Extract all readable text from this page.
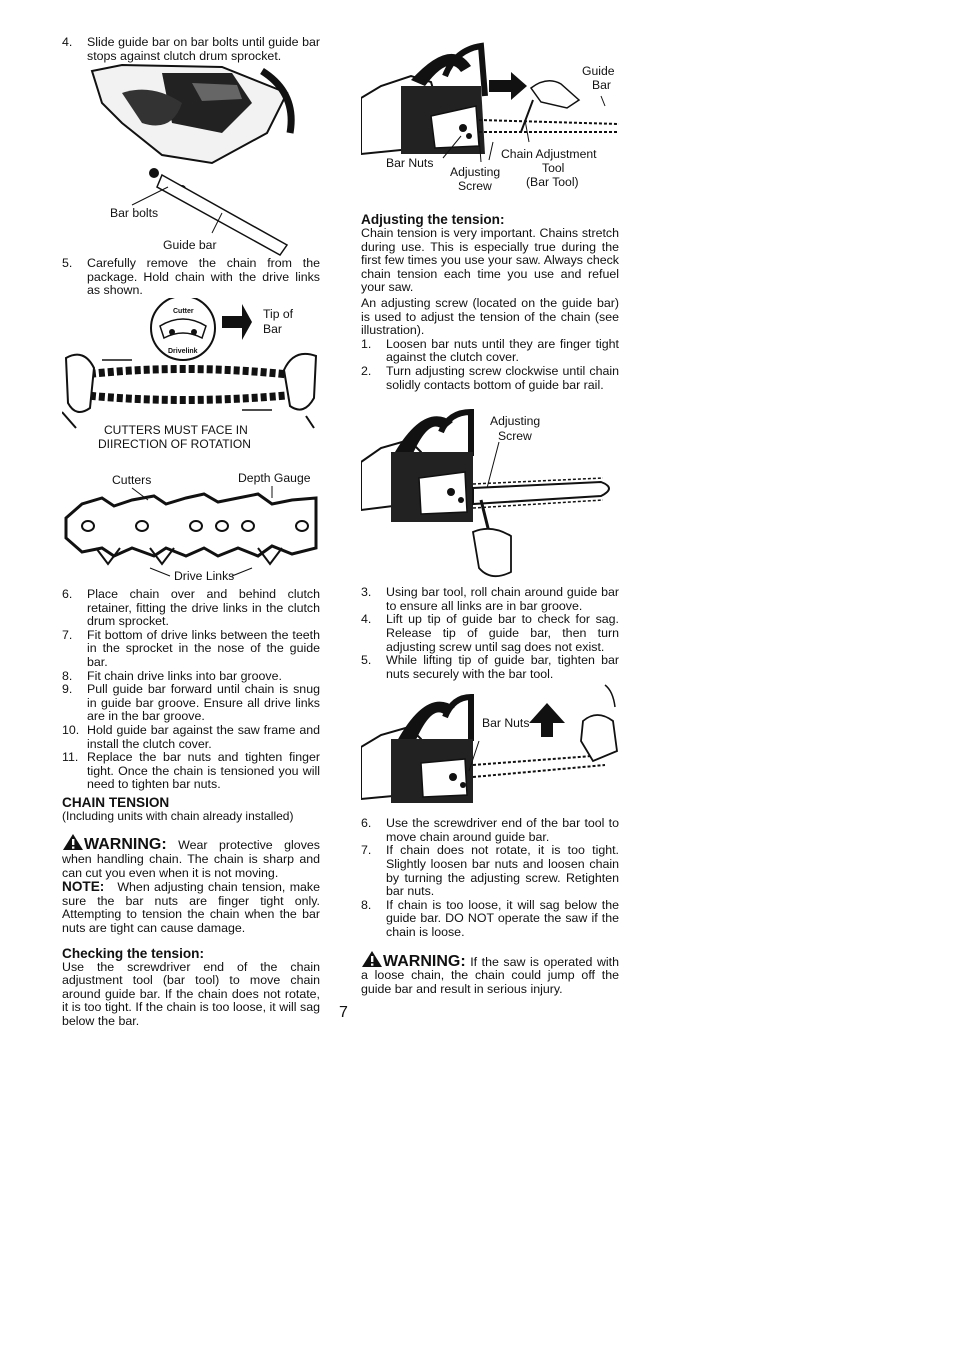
4.	Slide guide bar on bar bolts until guide bar stops against clutch drum sprocket.
Bar bolts
Guide bar
5.	Carefully remove the chain from the package. Hold chain with the drive links as shown.
Cutter
Drivelink
Tip of
Bar
CUTTERS MUST FACE IN
DIIRECTION OF ROTATION
Cutters	Depth Gauge
Drive Links
6.	Place chain over and behind clutch retainer, fitting the drive links in the clutch drum sprocket.
7.	Fit bottom of drive links between the teeth in the sprocket in the nose of the guide bar.
8.	Fit chain drive links into bar groove.
9.	Pull guide bar forward until chain is snug in guide bar groove. Ensure all drive links are in the bar groove.
10. Hold guide bar against the saw frame and install the clutch cover.
11. Replace the bar nuts and tighten finger tight. Once the chain is tensioned you will need to tighten bar nuts.

CHAIN TENSION

(Including units with chain already installed)

WARNING: Wear protective gloves when handling chain. The chain is sharp and can cut you even when it is not moving.

NOTE: When adjusting chain tension, make sure the bar nuts are finger tight only. Attempting to tension the chain when the bar nuts are tight can cause damage.

Checking the tension:

Use the screwdriver end of the chain adjustment tool (bar tool) to move chain around guide bar. If the chain does not rotate, it is too tight. If the chain is too loose, it will sag below the bar.

Guide
Bar
Bar Nuts
Adjusting
Screw
Chain Adjustment
Tool
(Bar Tool)

Adjusting the tension:

Chain tension is very important. Chains stretch during use. This is especially true during the first few times you use your saw. Always check chain tension each time you use and refuel your saw.

An adjusting screw (located on the guide bar) is used to adjust the tension of the chain (see illustration).

1.	Loosen bar nuts until they are finger tight against the clutch cover.
2.	Turn adjusting screw clockwise until chain solidly contacts bottom of guide bar rail.
Adjusting
Screw
3.	Using bar tool, roll chain around guide bar to ensure all links are in bar groove.
4.	Lift up tip of guide bar to check for sag. Release tip of guide bar, then turn adjusting screw until sag does not exist.
5.	While lifting tip of guide bar, tighten bar nuts securely with the bar tool.
Bar Nuts
6.	Use the screwdriver end of the bar tool to move chain around guide bar.
7.	If chain does not rotate, it is too tight. Slightly loosen bar nuts and loosen chain by turning the adjusting screw. Retighten bar nuts.
8.	If chain is too loose, it will sag below the guide bar. DO NOT operate the saw if the chain is loose.

WARNING: If the saw is operated with a loose chain, the chain could jump off the guide bar and result in serious injury.

7
